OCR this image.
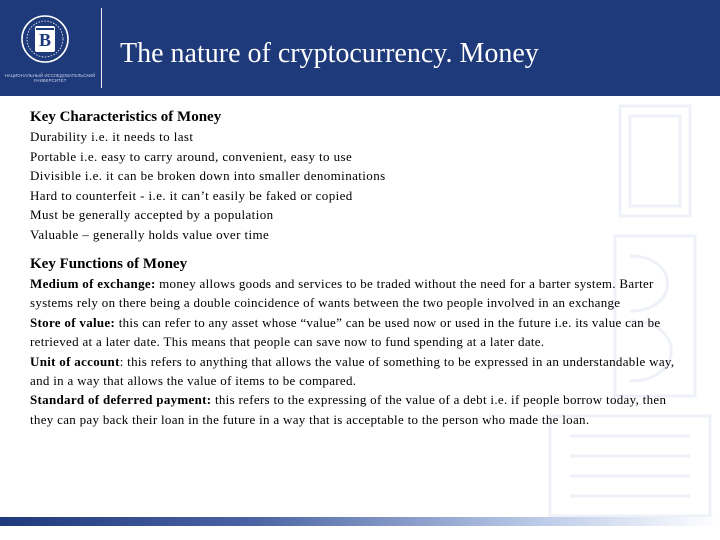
В
НАЦИОНАЛЬНЫЙ ИССЛЕДОВАТЕЛЬСКИЙ УНИВЕРСИТЕТ
The nature of cryptocurrency. Money
Key Characteristics of Money
Durability i.e. it needs to last
Portable i.e. easy to carry around, convenient, easy to use
Divisible i.e. it can be broken down into smaller denominations
Hard to counterfeit - i.e. it can’t easily be faked or copied
Must be generally accepted by a population
Valuable – generally holds value over time
Key Functions of Money

Medium of exchange: money allows goods and services to be traded without the need for a barter system. Barter systems rely on there being a double coincidence of wants between the two people involved in an exchange
Store of value: this can refer to any asset whose “value” can be used now or used in the future i.e. its value can be retrieved at a later date. This means that people can save now to fund spending at a later date.
Unit of account: this refers to anything that allows the value of something to be expressed in an understandable way, and in a way that allows the value of items to be compared.
Standard of deferred payment: this refers to the expressing of the value of a debt i.e. if people borrow today, then they can pay back their loan in the future in a way that is acceptable to the person who made the loan.
